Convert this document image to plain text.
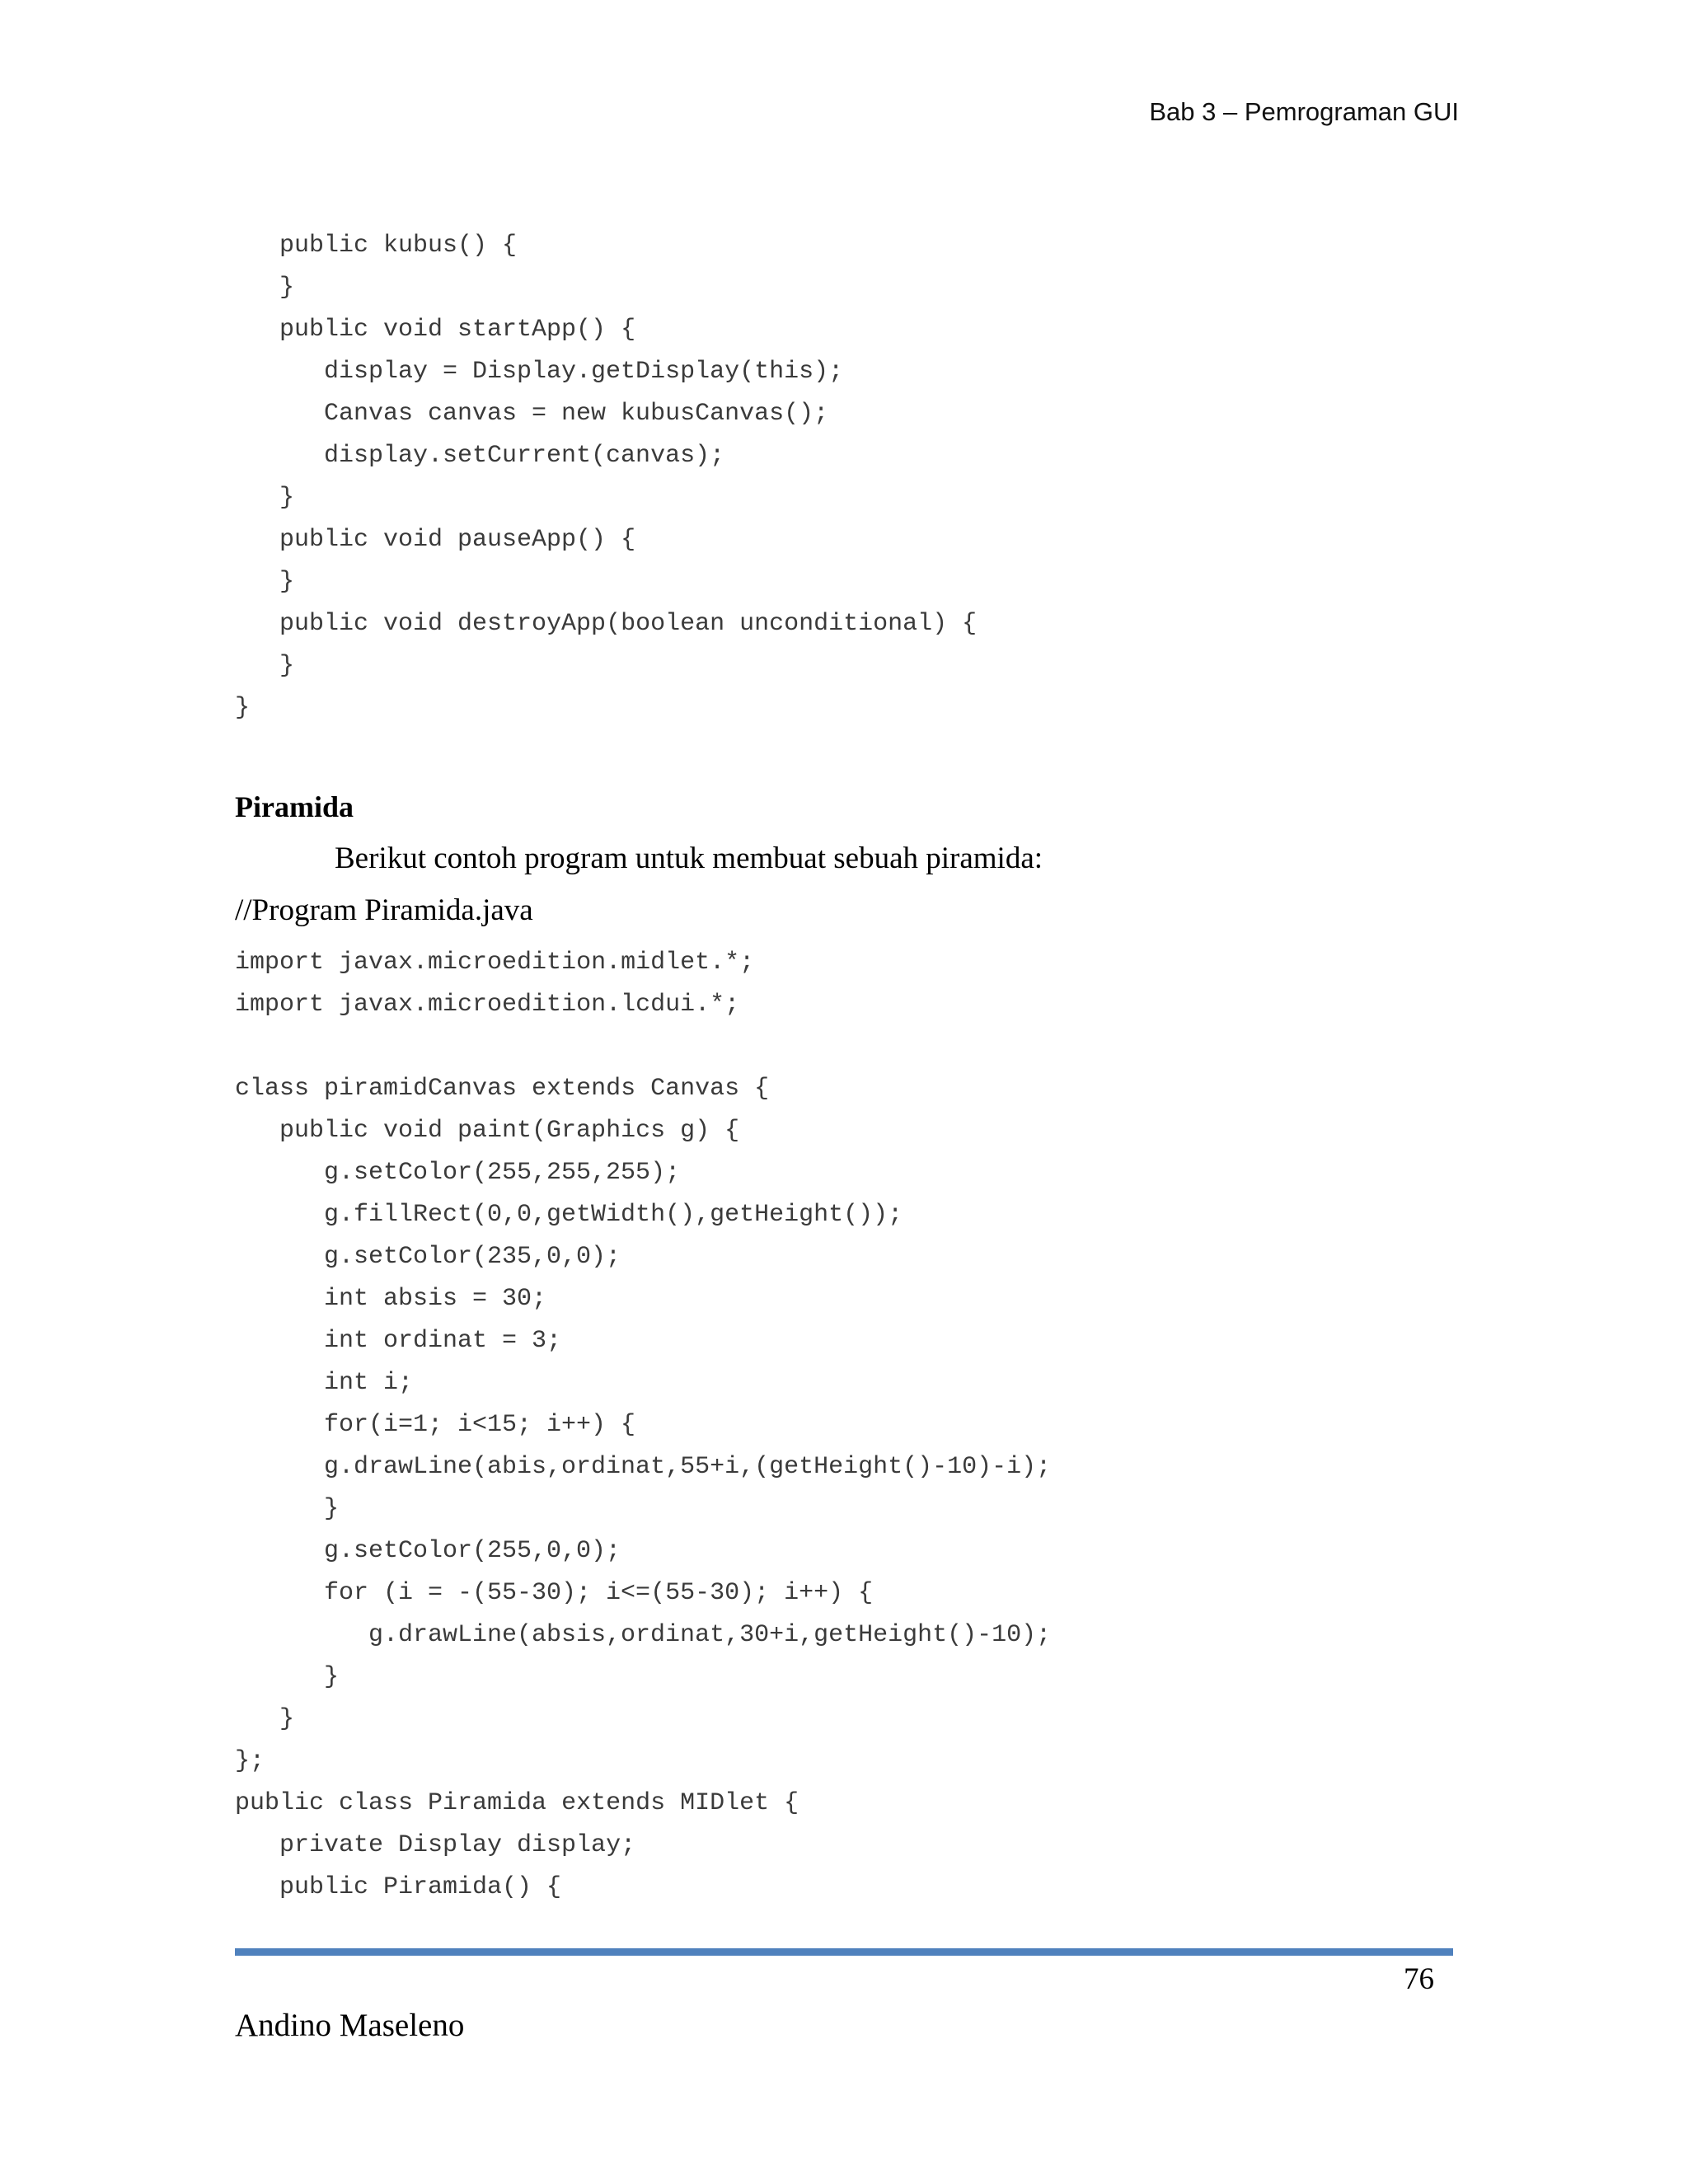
Bab 3 – Pemrograman GUI
public kubus() {
}
public void startApp() {
display = Display.getDisplay(this);
Canvas canvas = new kubusCanvas();
display.setCurrent(canvas);
}
public void pauseApp() {
}
public void destroyApp(boolean unconditional) {
}
}
Piramida
Berikut contoh program untuk membuat sebuah piramida:
//Program Piramida.java
import javax.microedition.midlet.*;
import javax.microedition.lcdui.*;
class piramidCanvas extends Canvas {
public void paint(Graphics g) {
g.setColor(255,255,255);
g.fillRect(0,0,getWidth(),getHeight());
g.setColor(235,0,0);
int absis = 30;
int ordinat = 3;
int i;
for(i=1; i<15; i++) {
g.drawLine(abis,ordinat,55+i,(getHeight()-10)-i);
}
g.setColor(255,0,0);
for (i = -(55-30); i<=(55-30); i++) {
g.drawLine(absis,ordinat,30+i,getHeight()-10);
}
}
};
public class Piramida extends MIDlet {
private Display display;
public Piramida() {
76
Andino Maseleno
